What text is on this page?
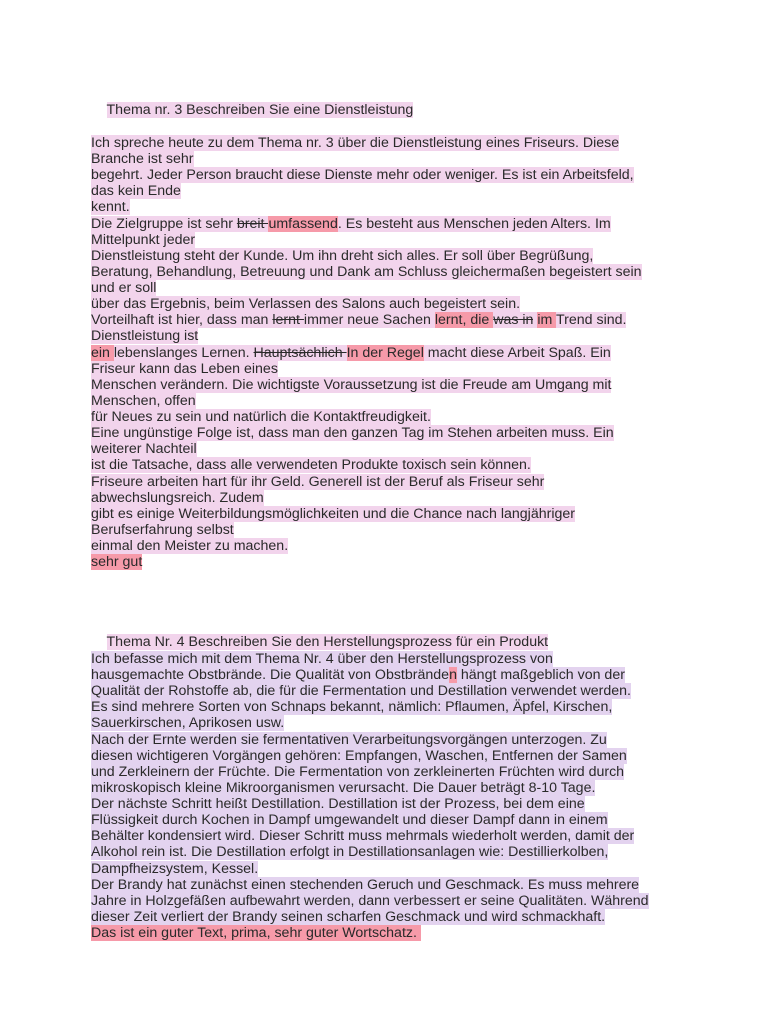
Thema nr. 3 Beschreiben Sie eine Dienstleistung

Ich spreche heute zu dem Thema nr. 3 über die Dienstleistung eines Friseurs. Diese
Branche ist sehr
begehrt. Jeder Person braucht diese Dienste mehr oder weniger. Es ist ein Arbeitsfeld,
das kein Ende
kennt.
Die Zielgruppe ist sehr breit umfassend. Es besteht aus Menschen jeden Alters. Im
Mittelpunkt jeder
Dienstleistung steht der Kunde. Um ihn dreht sich alles. Er soll über Begrüßung,
Beratung, Behandlung, Betreuung und Dank am Schluss gleichermaßen begeistert sein
und er soll
über das Ergebnis, beim Verlassen des Salons auch begeistert sein.
Vorteilhaft ist hier, dass man lernt immer neue Sachen lernt, die was in im Trend sind.
Dienstleistung ist
ein lebenslanges Lernen. Hauptsächlich In der Regel macht diese Arbeit Spaß. Ein
Friseur kann das Leben eines
Menschen verändern. Die wichtigste Voraussetzung ist die Freude am Umgang mit
Menschen, offen
für Neues zu sein und natürlich die Kontaktfreudigkeit.
Eine ungünstige Folge ist, dass man den ganzen Tag im Stehen arbeiten muss. Ein
weiterer Nachteil
ist die Tatsache, dass alle verwendeten Produkte toxisch sein können.
Friseure arbeiten hart für ihr Geld. Generell ist der Beruf als Friseur sehr
abwechslungsreich. Zudem
gibt es einige Weiterbildungsmöglichkeiten und die Chance nach langjähriger
Berufserfahrung selbst
einmal den Meister zu machen.
sehr gut

Thema Nr. 4 Beschreiben Sie den Herstellungsprozess für ein Produkt

Ich befasse mich mit dem Thema Nr. 4 über den Herstellungsprozess von
hausgemachte Obstbrände. Die Qualität von Obstbränden hängt maßgeblich von der
Qualität der Rohstoffe ab, die für die Fermentation und Destillation verwendet werden.
Es sind mehrere Sorten von Schnaps bekannt, nämlich: Pflaumen, Äpfel, Kirschen,
Sauerkirschen, Aprikosen usw.
Nach der Ernte werden sie fermentativen Verarbeitungsvorgängen unterzogen. Zu
diesen wichtigeren Vorgängen gehören: Empfangen, Waschen, Entfernen der Samen
und Zerkleinern der Früchte. Die Fermentation von zerkleinerten Früchten wird durch
mikroskopisch kleine Mikroorganismen verursacht. Die Dauer beträgt 8-10 Tage.
Der nächste Schritt heißt Destillation. Destillation ist der Prozess, bei dem eine
Flüssigkeit durch Kochen in Dampf umgewandelt und dieser Dampf dann in einem
Behälter kondensiert wird. Dieser Schritt muss mehrmals wiederholt werden, damit der
Alkohol rein ist. Die Destillation erfolgt in Destillationsanlagen wie: Destillierkolben,
Dampfheizsystem, Kessel.
Der Brandy hat zunächst einen stechenden Geruch und Geschmack. Es muss mehrere
Jahre in Holzgefäßen aufbewahrt werden, dann verbessert er seine Qualitäten. Während
dieser Zeit verliert der Brandy seinen scharfen Geschmack und wird schmackhaft.
Das ist ein guter Text, prima, sehr guter Wortschatz.
